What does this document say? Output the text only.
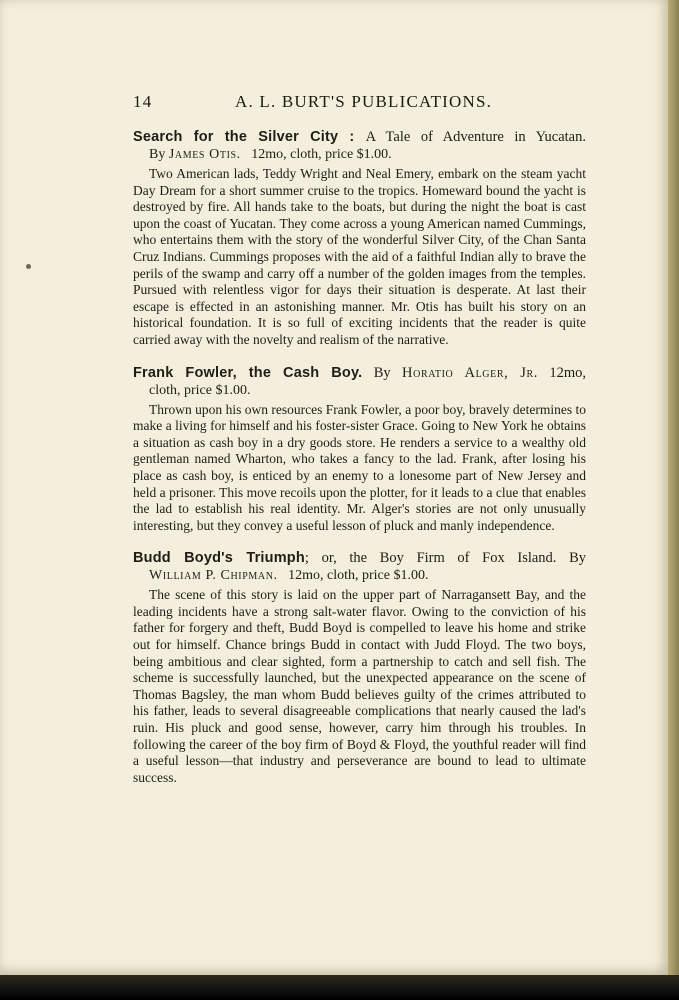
14	A. L. BURT'S PUBLICATIONS.
Search for the Silver City : A Tale of Adventure in Yucatan.
By James Otis. 12mo, cloth, price $1.00.

Two American lads, Teddy Wright and Neal Emery, embark on the steam yacht Day Dream for a short summer cruise to the tropics. Homeward bound the yacht is destroyed by fire. All hands take to the boats, but during the night the boat is cast upon the coast of Yucatan. They come across a young American named Cummings, who entertains them with the story of the wonderful Silver City, of the Chan Santa Cruz Indians. Cummings proposes with the aid of a faithful Indian ally to brave the perils of the swamp and carry off a number of the golden images from the temples. Pursued with relentless vigor for days their situation is desperate. At last their escape is effected in an astonishing manner. Mr. Otis has built his story on an historical foundation. It is so full of exciting incidents that the reader is quite carried away with the novelty and realism of the narrative.

Frank Fowler, the Cash Boy. By Horatio Alger, Jr. 12mo,
cloth, price $1.00.

Thrown upon his own resources Frank Fowler, a poor boy, bravely determines to make a living for himself and his foster-sister Grace. Going to New York he obtains a situation as cash boy in a dry goods store. He renders a service to a wealthy old gentleman named Wharton, who takes a fancy to the lad. Frank, after losing his place as cash boy, is enticed by an enemy to a lonesome part of New Jersey and held a prisoner. This move recoils upon the plotter, for it leads to a clue that enables the lad to establish his real identity. Mr. Alger's stories are not only unusually interesting, but they convey a useful lesson of pluck and manly independence.

Budd Boyd's Triumph; or, the Boy Firm of Fox Island. By
William P. Chipman. 12mo, cloth, price $1.00.

The scene of this story is laid on the upper part of Narragansett Bay, and the leading incidents have a strong salt-water flavor. Owing to the conviction of his father for forgery and theft, Budd Boyd is compelled to leave his home and strike out for himself. Chance brings Budd in contact with Judd Floyd. The two boys, being ambitious and clear sighted, form a partnership to catch and sell fish. The scheme is successfully launched, but the unexpected appearance on the scene of Thomas Bagsley, the man whom Budd believes guilty of the crimes attributed to his father, leads to several disagreeable complications that nearly caused the lad's ruin. His pluck and good sense, however, carry him through his troubles. In following the career of the boy firm of Boyd & Floyd, the youthful reader will find a useful lesson—that industry and perseverance are bound to lead to ultimate success.
